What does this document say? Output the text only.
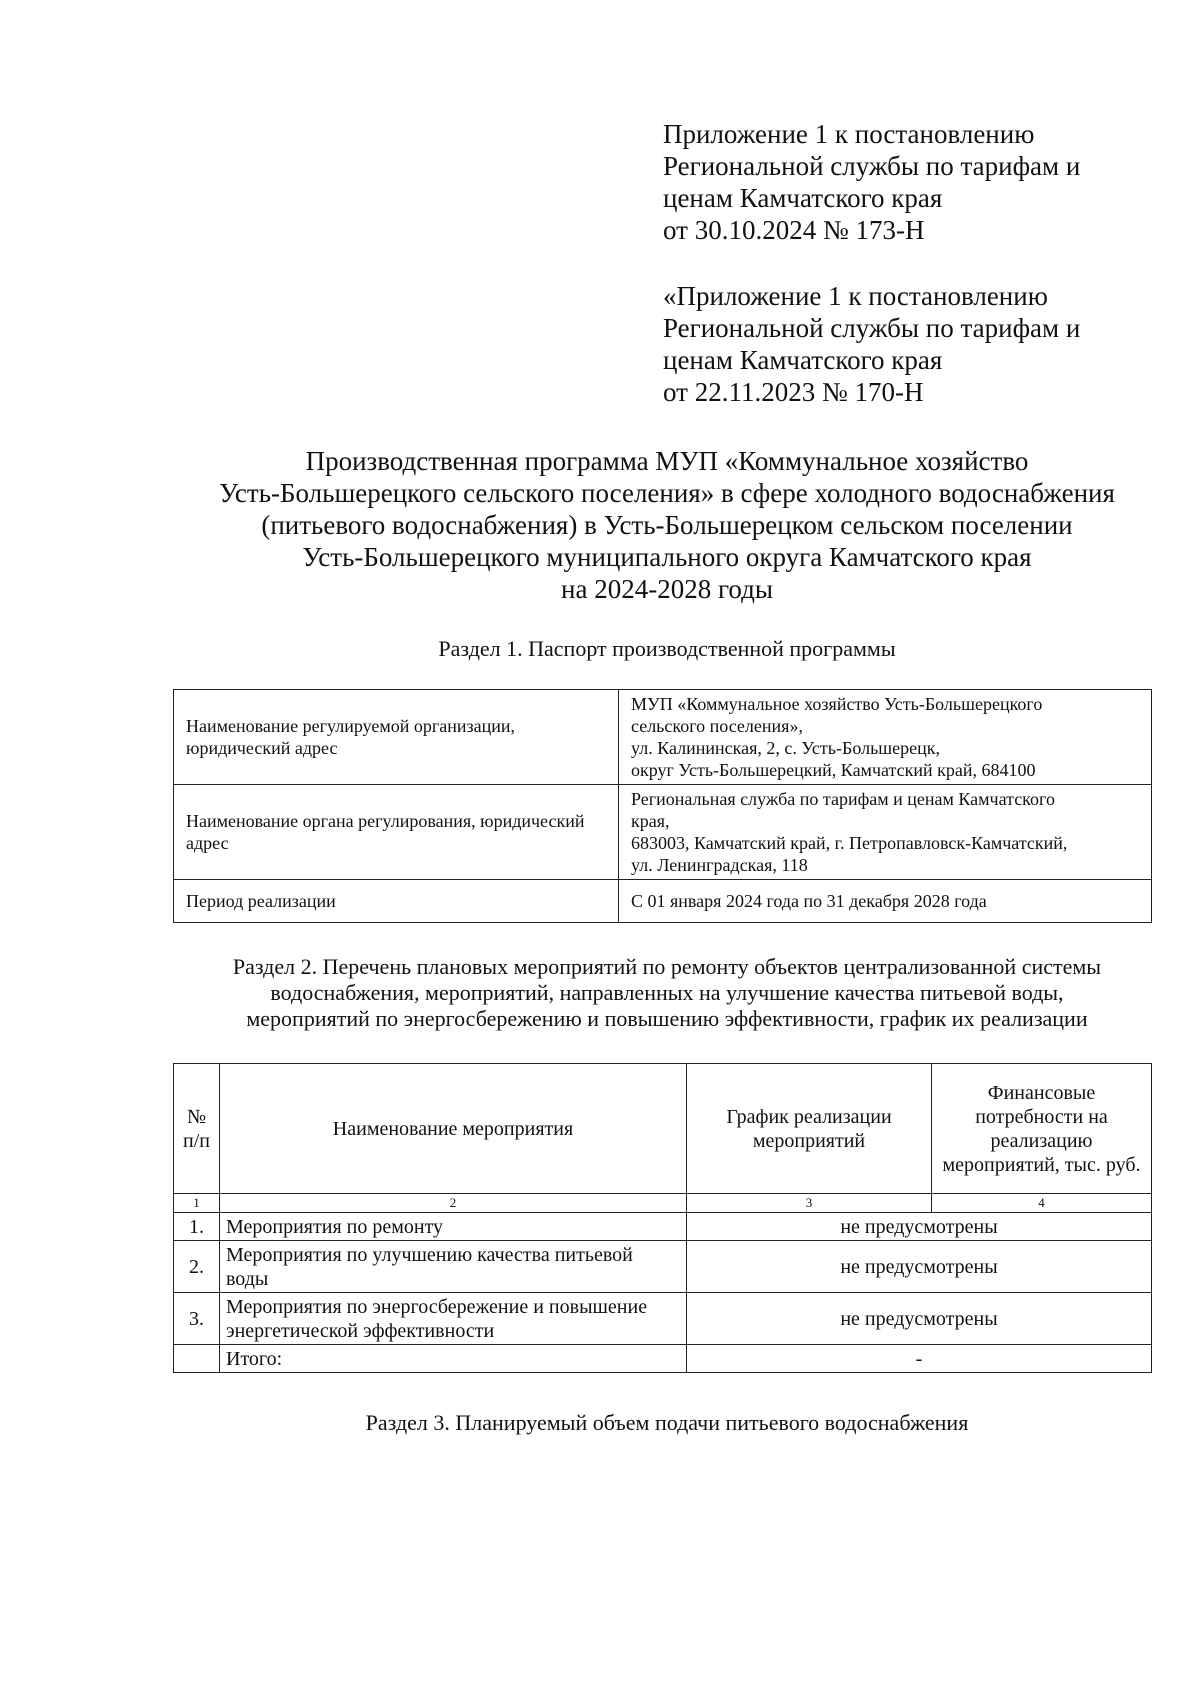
Приложение 1 к постановлению
Региональной службы по тарифам и
ценам Камчатского края
от 30.10.2024 № 173-Н
«Приложение 1 к постановлению
Региональной службы по тарифам и
ценам Камчатского края
от 22.11.2023 № 170-Н
Производственная программа МУП «Коммунальное хозяйство
Усть-Большерецкого сельского поселения» в сфере холодного водоснабжения
(питьевого водоснабжения) в Усть-Большерецком сельском поселении
Усть-Большерецкого муниципального округа Камчатского края
на 2024-2028 годы
Раздел 1. Паспорт производственной программы
Наименование регулируемой организации, юридический адрес	МУП «Коммунальное хозяйство Усть-Большерецкого
сельского поселения»,
ул. Калининская, 2, с. Усть-Большерецк,
округ Усть-Большерецкий, Камчатский край, 684100

Наименование органа регулирования, юридический адрес	Региональная служба по тарифам и ценам Камчатского
края,
683003, Камчатский край, г. Петропавловск-Камчатский,
ул. Ленинградская, 118

Период реализации	С 01 января 2024 года по 31 декабря 2028 года
Раздел 2. Перечень плановых мероприятий по ремонту объектов централизованной системы
водоснабжения, мероприятий, направленных на улучшение качества питьевой воды,
мероприятий по энергосбережению и повышению эффективности, график их реализации
№ п/п	Наименование мероприятия	График реализации мероприятий	Финансовые потребности на реализацию мероприятий, тыс. руб.
1	2	3	4
1.	Мероприятия по ремонту	не предусмотрены	
2.	Мероприятия по улучшению качества питьевой воды	не предусмотрены	
3.	Мероприятия по энергосбережение и повышение энергетической эффективности	не предусмотрены	
	Итого:	-	
Раздел 3. Планируемый объем подачи питьевого водоснабжения
